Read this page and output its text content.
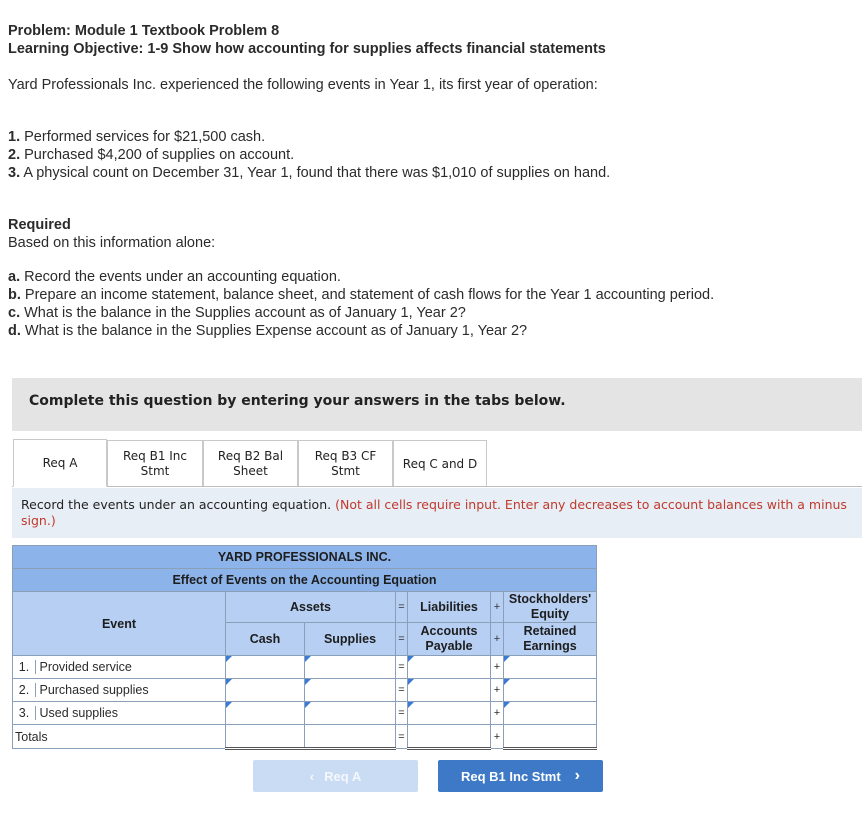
Problem: Module 1 Textbook Problem 8
Learning Objective: 1-9 Show how accounting for supplies affects financial statements
Yard Professionals Inc. experienced the following events in Year 1, its first year of operation:
1. Performed services for $21,500 cash.
2. Purchased $4,200 of supplies on account.
3. A physical count on December 31, Year 1, found that there was $1,010 of supplies on hand.
Required
Based on this information alone:
a. Record the events under an accounting equation.
b. Prepare an income statement, balance sheet, and statement of cash flows for the Year 1 accounting period.
c. What is the balance in the Supplies account as of January 1, Year 2?
d. What is the balance in the Supplies Expense account as of January 1, Year 2?
Complete this question by entering your answers in the tabs below.
Req A	Req B1 Inc
Stmt
Req B2 Bal
Sheet
Req B3 CF
Stmt
Req C and D

Record the events under an accounting equation. (Not all cells require input. Enter any decreases to account balances with a minus sign.)

YARD PROFESSIONALS INC.						
Effect of Events on the Accounting Equation						
Event	Assets		=	Liabilities	+	Stockholders' Equity
	Cash	Supplies	=	Accounts Payable	+	Retained Earnings
1. Provided service			=		+	
2. Purchased supplies			=		+	
3. Used supplies			=		+	
Totals			=		+	
‹ Req A	Req B1 Inc Stmt ›
